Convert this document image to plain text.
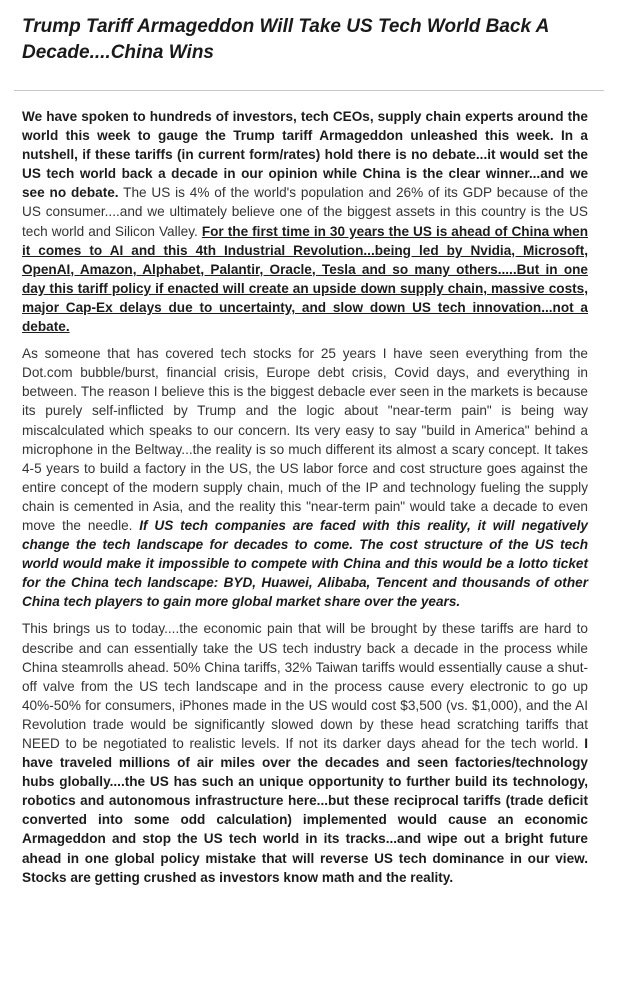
Trump Tariff Armageddon Will Take US Tech World Back A Decade....China Wins

We have spoken to hundreds of investors, tech CEOs, supply chain experts around the world this week to gauge the Trump tariff Armageddon unleashed this week. In a nutshell, if these tariffs (in current form/rates) hold there is no debate...it would set the US tech world back a decade in our opinion while China is the clear winner...and we see no debate. The US is 4% of the world's population and 26% of its GDP because of the US consumer....and we ultimately believe one of the biggest assets in this country is the US tech world and Silicon Valley. For the first time in 30 years the US is ahead of China when it comes to AI and this 4th Industrial Revolution...being led by Nvidia, Microsoft, OpenAI, Amazon, Alphabet, Palantir, Oracle, Tesla and so many others.....But in one day this tariff policy if enacted will create an upside down supply chain, massive costs, major Cap-Ex delays due to uncertainty, and slow down US tech innovation...not a debate.

As someone that has covered tech stocks for 25 years I have seen everything from the Dot.com bubble/burst, financial crisis, Europe debt crisis, Covid days, and everything in between. The reason I believe this is the biggest debacle ever seen in the markets is because its purely self-inflicted by Trump and the logic about "near-term pain" is being way miscalculated which speaks to our concern. Its very easy to say "build in America" behind a microphone in the Beltway...the reality is so much different its almost a scary concept. It takes 4-5 years to build a factory in the US, the US labor force and cost structure goes against the entire concept of the modern supply chain, much of the IP and technology fueling the supply chain is cemented in Asia, and the reality this "near-term pain" would take a decade to even move the needle. If US tech companies are faced with this reality, it will negatively change the tech landscape for decades to come. The cost structure of the US tech world would make it impossible to compete with China and this would be a lotto ticket for the China tech landscape: BYD, Huawei, Alibaba, Tencent and thousands of other China tech players to gain more global market share over the years.

This brings us to today....the economic pain that will be brought by these tariffs are hard to describe and can essentially take the US tech industry back a decade in the process while China steamrolls ahead. 50% China tariffs, 32% Taiwan tariffs would essentially cause a shut-off valve from the US tech landscape and in the process cause every electronic to go up 40%-50% for consumers, iPhones made in the US would cost $3,500 (vs. $1,000), and the AI Revolution trade would be significantly slowed down by these head scratching tariffs that NEED to be negotiated to realistic levels. If not its darker days ahead for the tech world. I have traveled millions of air miles over the decades and seen factories/technology hubs globally....the US has such an unique opportunity to further build its technology, robotics and autonomous infrastructure here...but these reciprocal tariffs (trade deficit converted into some odd calculation) implemented would cause an economic Armageddon and stop the US tech world in its tracks...and wipe out a bright future ahead in one global policy mistake that will reverse US tech dominance in our view. Stocks are getting crushed as investors know math and the reality.
